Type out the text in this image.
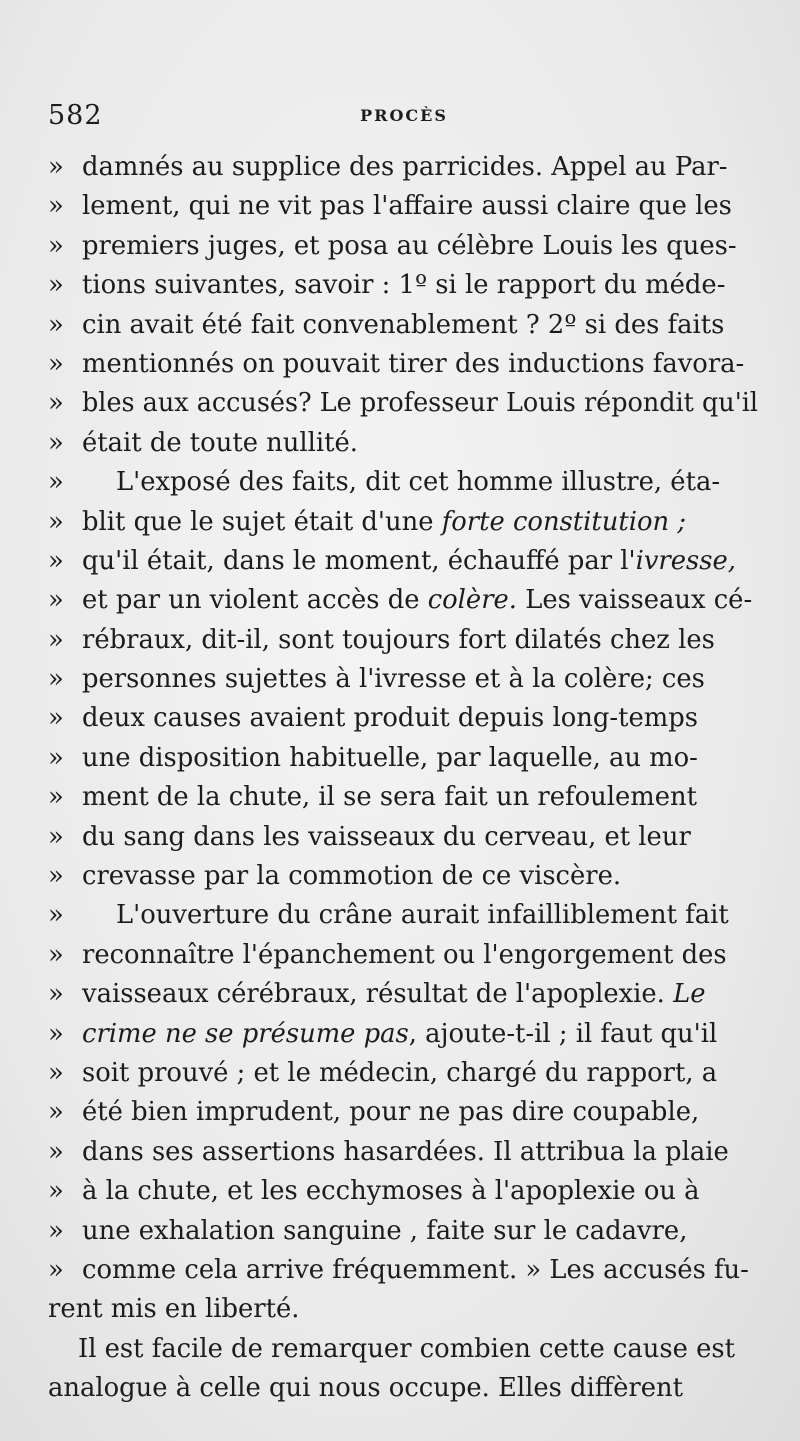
582	PROCÈS
» damnés au supplice des parricides. Appel au Par-
» lement, qui ne vit pas l'affaire aussi claire que les
» premiers juges, et posa au célèbre Louis les ques-
» tions suivantes, savoir : 1º si le rapport du méde-
» cin avait été fait convenablement ? 2º si des faits
» mentionnés on pouvait tirer des inductions favora-
» bles aux accusés? Le professeur Louis répondit qu'il
» était de toute nullité.
» L'exposé des faits, dit cet homme illustre, éta-
» blit que le sujet était d'une forte constitution ;
» qu'il était, dans le moment, échauffé par l'ivresse,
» et par un violent accès de colère. Les vaisseaux cé-
» rébraux, dit-il, sont toujours fort dilatés chez les
» personnes sujettes à l'ivresse et à la colère; ces
» deux causes avaient produit depuis long-temps
» une disposition habituelle, par laquelle, au mo-
» ment de la chute, il se sera fait un refoulement
» du sang dans les vaisseaux du cerveau, et leur
» crevasse par la commotion de ce viscère.
» L'ouverture du crâne aurait infailliblement fait
» reconnaître l'épanchement ou l'engorgement des
» vaisseaux cérébraux, résultat de l'apoplexie. Le
» crime ne se présume pas, ajoute-t-il ; il faut qu'il
» soit prouvé ; et le médecin, chargé du rapport, a
» été bien imprudent, pour ne pas dire coupable,
» dans ses assertions hasardées. Il attribua la plaie
» à la chute, et les ecchymoses à l'apoplexie ou à
» une exhalation sanguine , faite sur le cadavre,
» comme cela arrive fréquemment. » Les accusés fu-
rent mis en liberté.
Il est facile de remarquer combien cette cause est
analogue à celle qui nous occupe. Elles diffèrent
